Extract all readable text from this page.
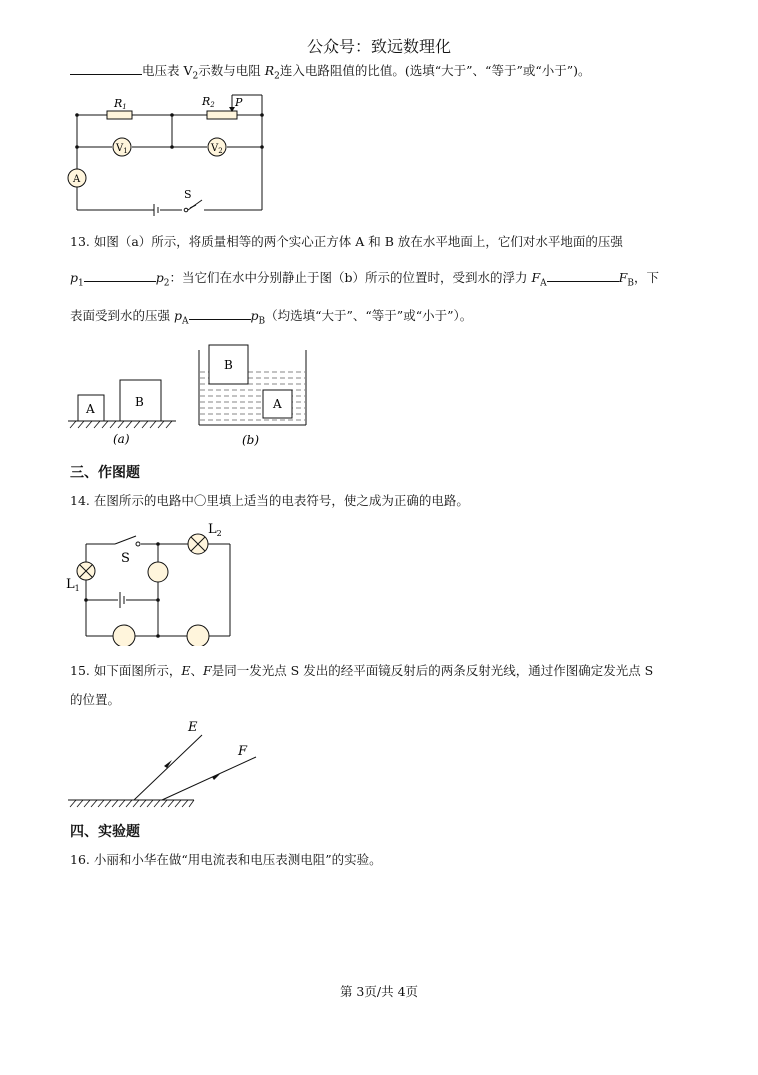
公众号：致远数理化
电压表 $V_2$示数与电阻 $R_2$连入电路阻值的比值。(选填“大于”、“等于”或“小于”)。
R1	R2 P
$V_1$	$V_2$
A
S
13. 如图（a）所示，将质量相等的两个实心正方体 A 和 B 放在水平地面上，它们对水平地面的压强
$p_1$	$p_2$：当它们在水中分别静止于图（b）所示的位置时，受到水的浮力 $F_A$	$F_B$，下
表面受到水的压强 $p_A$	$p_B$（均选填“大于”、“等于”或“小于”）。
A	B
(a)
B
A
(b)
三、作图题
14. 在图所示的电路中〇里填上适当的电表符号，使之成为正确的电路。
S
$L_2$
$L_1$
15. 如下面图所示，E、F是同一发光点 S 发出的经平面镜反射后的两条反射光线，通过作图确定发光点 S
的位置。
E
F
四、实验题
16. 小丽和小华在做“用电流表和电压表测电阻”的实验。
第 3页/共 4页
